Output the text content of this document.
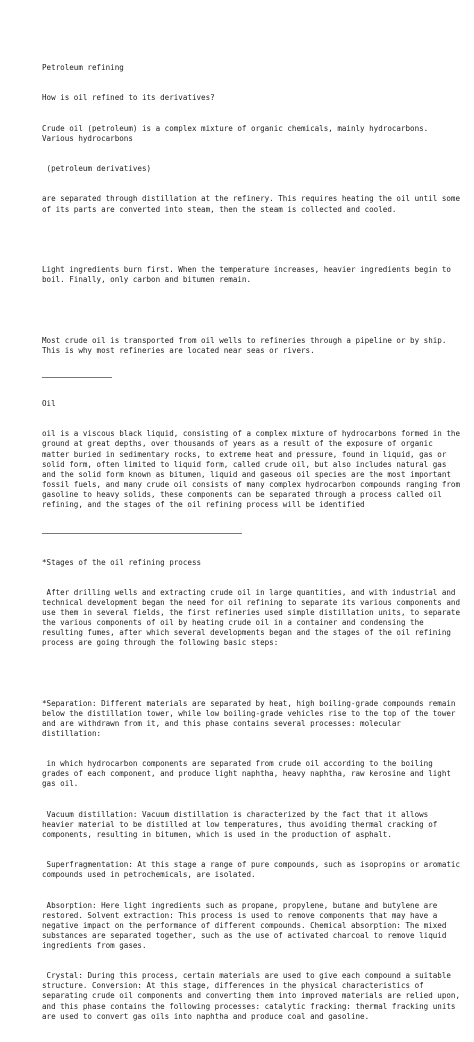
Petroleum refining

How is oil refined to its derivatives?

Crude oil (petroleum) is a complex mixture of organic chemicals, mainly hydrocarbons. Various hydrocarbons

(petroleum derivatives)

are separated through distillation at the refinery. This requires heating the oil until some of its parts are converted into steam, then the steam is collected and cooled.

Light ingredients burn first. When the temperature increases, heavier ingredients begin to boil. Finally, only carbon and bitumen remain.

Most crude oil is transported from oil wells to refineries through a pipeline or by ship. This is why most refineries are located near seas or rivers.

Oil

oil is a viscous black liquid, consisting of a complex mixture of hydrocarbons formed in the ground at great depths, over thousands of years as a result of the exposure of organic matter buried in sedimentary rocks, to extreme heat and pressure, found in liquid, gas or solid form, often limited to liquid form, called crude oil, but also includes natural gas and the solid form known as bitumen, liquid and gaseous oil species are the most important fossil fuels, and many crude oil consists of many complex hydrocarbon compounds ranging from gasoline to heavy solids, these components can be separated through a process called oil refining, and the stages of the oil refining process will be identified

*Stages of the oil refining process

After drilling wells and extracting crude oil in large quantities, and with industrial and technical development began the need for oil refining to separate its various components and use them in several fields, the first refineries used simple distillation units, to separate the various components of oil by heating crude oil in a container and condensing the resulting fumes, after which several developments began and the stages of the oil refining process are going through the following basic steps:

*Separation: Different materials are separated by heat, high boiling-grade compounds remain below the distillation tower, while low boiling-grade vehicles rise to the top of the tower and are withdrawn from it, and this phase contains several processes: molecular distillation:

in which hydrocarbon components are separated from crude oil according to the boiling grades of each component, and produce light naphtha, heavy naphtha, raw kerosine and light gas oil.

Vacuum distillation: Vacuum distillation is characterized by the fact that it allows heavier material to be distilled at low temperatures, thus avoiding thermal cracking of components, resulting in bitumen, which is used in the production of asphalt.

Superfragmentation: At this stage a range of pure compounds, such as isopropins or aromatic compounds used in petrochemicals, are isolated.

Absorption: Here light ingredients such as propane, propylene, butane and butylene are restored. Solvent extraction: This process is used to remove components that may have a negative impact on the performance of different compounds. Chemical absorption: The mixed substances are separated together, such as the use of activated charcoal to remove liquid ingredients from gases.

Crystal: During this process, certain materials are used to give each compound a suitable structure. Conversion: At this stage, differences in the physical characteristics of separating crude oil components and converting them into improved materials are relied upon, and this phase contains the following processes: catalytic fracking: thermal fracking units are used to convert gas oils into naphtha and produce coal and gasoline.
